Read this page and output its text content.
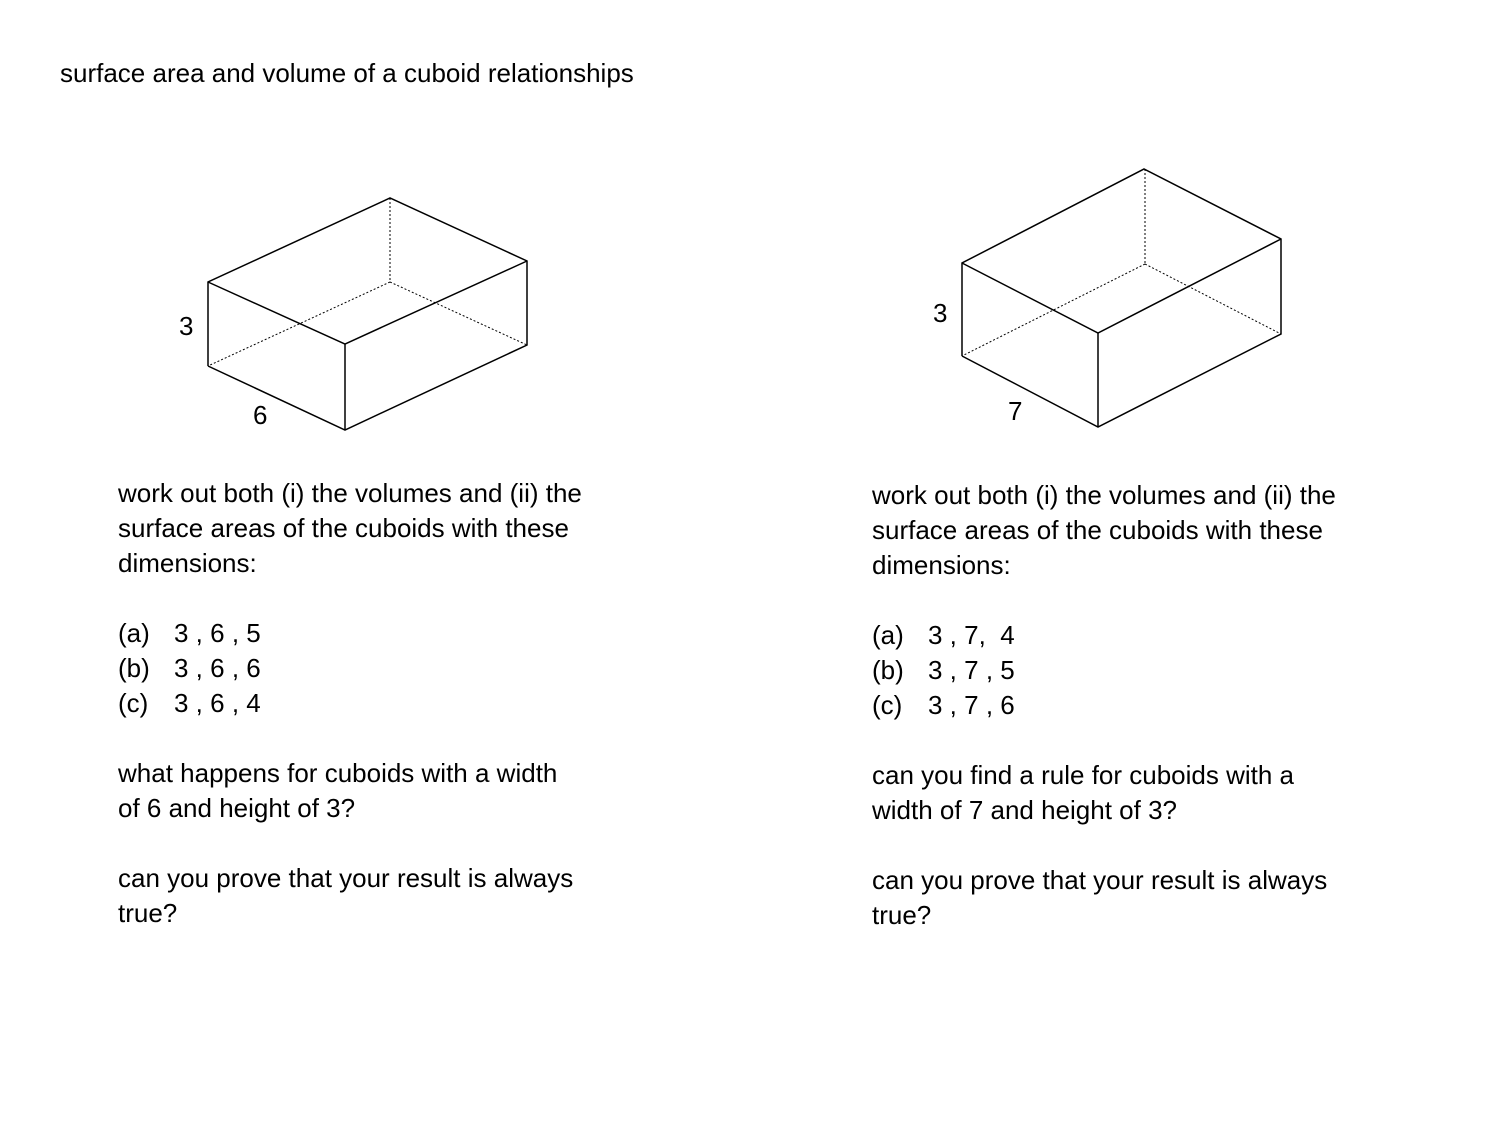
surface area and volume of a cuboid relationships
3
6
3
7
work out both (i) the volumes and (ii) the
surface areas of the cuboids with these
dimensions:
(a) 3 , 6 , 5
(b) 3 , 6 , 6
(c) 3 , 6 , 4
what happens for cuboids with a width
of 6 and height of 3?
can you prove that your result is always
true?
work out both (i) the volumes and (ii) the
surface areas of the cuboids with these
dimensions:
(a) 3 , 7,  4
(b) 3 , 7 , 5
(c) 3 , 7 , 6
can you find a rule for cuboids with a
width of 7 and height of 3?
can you prove that your result is always
true?
